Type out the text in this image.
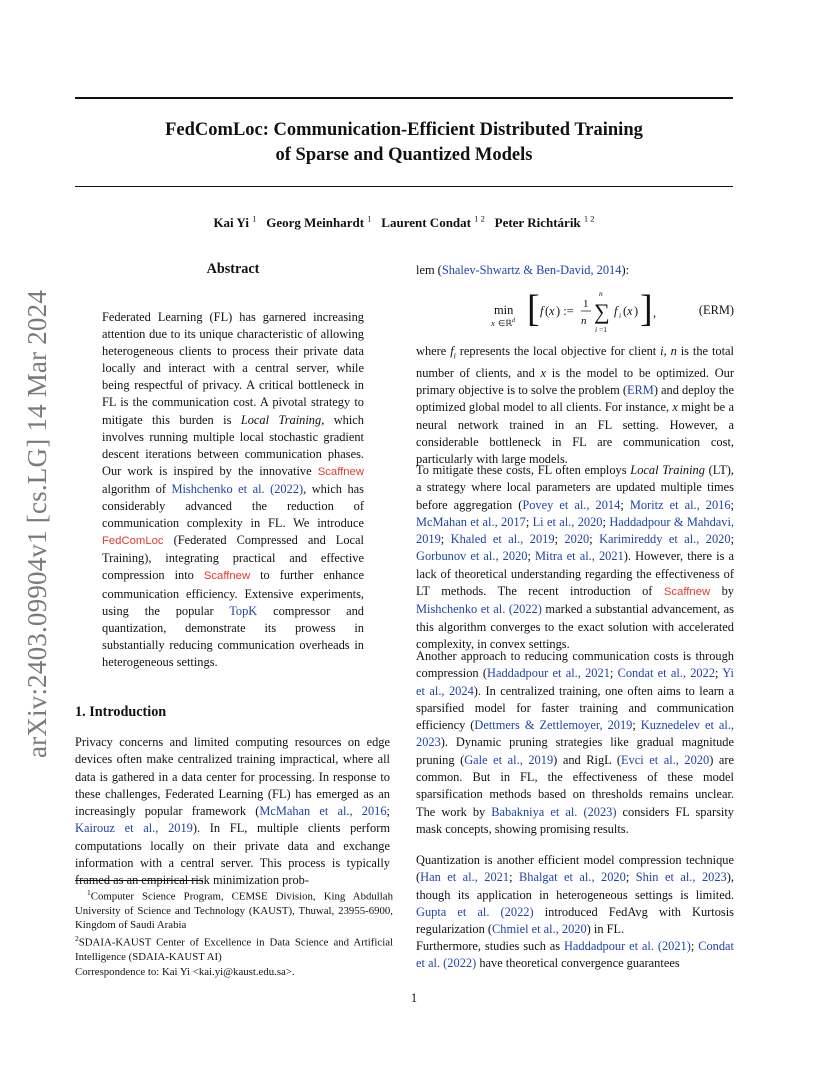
FedComLoc: Communication-Efficient Distributed Training
of Sparse and Quantized Models
Kai Yi $^1$ Georg Meinhardt $^1$ Laurent Condat $^{1 2}$ Peter Richtárik $^{1 2}$
arXiv:2403.09904v1 [cs.LG] 14 Mar 2024
Abstract
Federated Learning (FL) has garnered increasing attention due to its unique characteristic of allowing heterogeneous clients to process their private data locally and interact with a central server, while being respectful of privacy. A critical bottleneck in FL is the communication cost. A pivotal strategy to mitigate this burden is Local Training, which involves running multiple local stochastic gradient descent iterations between communication phases. Our work is inspired by the innovative Scaffnew algorithm of Mishchenko et al. (2022), which has considerably advanced the reduction of communication complexity in FL. We introduce FedComLoc (Federated Compressed and Local Training), integrating practical and effective compression into Scaffnew to further enhance communication efficiency. Extensive experiments, using the popular TopK compressor and quantization, demonstrate its prowess in substantially reducing communication overheads in heterogeneous settings.
1. Introduction
Privacy concerns and limited computing resources on edge devices often make centralized training impractical, where all data is gathered in a data center for processing. In response to these challenges, Federated Learning (FL) has emerged as an increasingly popular framework (McMahan et al., 2016; Kairouz et al., 2019). In FL, multiple clients perform computations locally on their private data and exchange information with a central server. This process is typically framed as an empirical risk minimization prob-
$^1$Computer Science Program, CEMSE Division, King Abdullah University of Science and Technology (KAUST), Thuwal, 23955-6900, Kingdom of Saudi Arabia
$^2$SDAIA-KAUST Center of Excellence in Data Science and Artificial Intelligence (SDAIA-KAUST AI)
Correspondence to: Kai Yi <kai.yi@kaust.edu.sa>.
lem (Shalev-Shwartz & Ben-David, 2014):
min
x ∈ℝ d [ f ( x ) := 1
n
n
∑
i =1
f i ( x ) ] ,	(ERM)
where $f_i$ represents the local objective for client i, n is the total number of clients, and x is the model to be optimized. Our primary objective is to solve the problem (ERM) and deploy the optimized global model to all clients. For instance, x might be a neural network trained in an FL setting. However, a considerable bottleneck in FL are communication cost, particularly with large models.
To mitigate these costs, FL often employs Local Training (LT), a strategy where local parameters are updated multiple times before aggregation (Povey et al., 2014; Moritz et al., 2016; McMahan et al., 2017; Li et al., 2020; Haddadpour & Mahdavi, 2019; Khaled et al., 2019; 2020; Karimireddy et al., 2020; Gorbunov et al., 2020; Mitra et al., 2021). However, there is a lack of theoretical understanding regarding the effectiveness of LT methods. The recent introduction of Scaffnew by Mishchenko et al. (2022) marked a substantial advancement, as this algorithm converges to the exact solution with accelerated complexity, in convex settings.
Another approach to reducing communication costs is through compression (Haddadpour et al., 2021; Condat et al., 2022; Yi et al., 2024). In centralized training, one often aims to learn a sparsified model for faster training and communication efficiency (Dettmers & Zettlemoyer, 2019; Kuznedelev et al., 2023). Dynamic pruning strategies like gradual magnitude pruning (Gale et al., 2019) and RigL (Evci et al., 2020) are common. But in FL, the effectiveness of these model sparsification methods based on thresholds remains unclear. The work by Babakniya et al. (2023) considers FL sparsity mask concepts, showing promising results.
Quantization is another efficient model compression technique (Han et al., 2021; Bhalgat et al., 2020; Shin et al., 2023), though its application in heterogeneous settings is limited. Gupta et al. (2022) introduced FedAvg with Kurtosis regularization (Chmiel et al., 2020) in FL.
Furthermore, studies such as Haddadpour et al. (2021); Condat et al. (2022) have theoretical convergence guarantees
1
